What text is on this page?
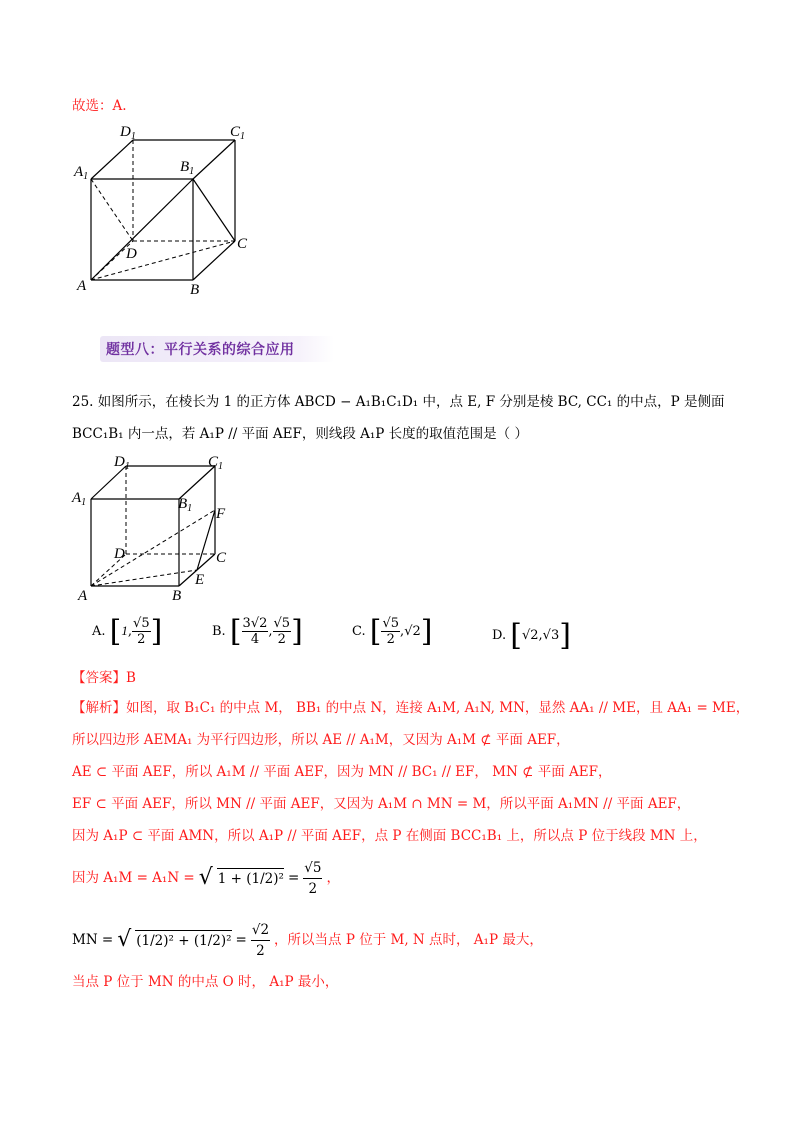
故选：A.
$D_1$	$C_1$
$A_1$
$B_1$
D
C
A	B
题型八：平行关系的综合应用
25. 如图所示，在棱长为 1 的正方体 ABCD − A₁B₁C₁D₁ 中，点 E, F 分别是棱 BC, CC₁ 的中点，P 是侧面
BCC₁B₁ 内一点，若 A₁P // 平面 AEF，则线段 A₁P 长度的取值范围是（ ）
$D_1$	$C_1$
$A_1$	$B_1$ F
D	C
E
A	B
A. [1, $\frac{√5}{2}$ ]	B. [ $\frac{3√2}{4}$ , $\frac{√5}{2}$ ]	C. [ $\frac{√5}{2} ,√2$]	D. [√2,√3]
【答案】B
【解析】如图，取 B₁C₁ 的中点 M， BB₁ 的中点 N，连接 A₁M, A₁N, MN，显然 AA₁ // ME，且 AA₁ = ME，
所以四边形 AEMA₁ 为平行四边形，所以 AE // A₁M，又因为 A₁M ⊄ 平面 AEF，
AE ⊂ 平面 AEF，所以 A₁M // 平面 AEF，因为 MN // BC₁ // EF， MN ⊄ 平面 AEF，
EF ⊂ 平面 AEF，所以 MN // 平面 AEF，又因为 A₁M ∩ MN = M，所以平面 A₁MN // 平面 AEF，
因为 A₁P ⊂ 平面 AMN，所以 A₁P // 平面 AEF，点 P 在侧面 BCC₁B₁ 上，所以点 P 位于线段 MN 上，
因为 A₁M = A₁N = √ $1 + (1/2)^2 = \frac{√5}{2}$ ，
MN = √ $(1/2)^2 + (1/2)^2 = \frac{√2}{2}$ ，所以当点 P 位于 M, N 点时， A₁P 最大，
当点 P 位于 MN 的中点 O 时， A₁P 最小，
